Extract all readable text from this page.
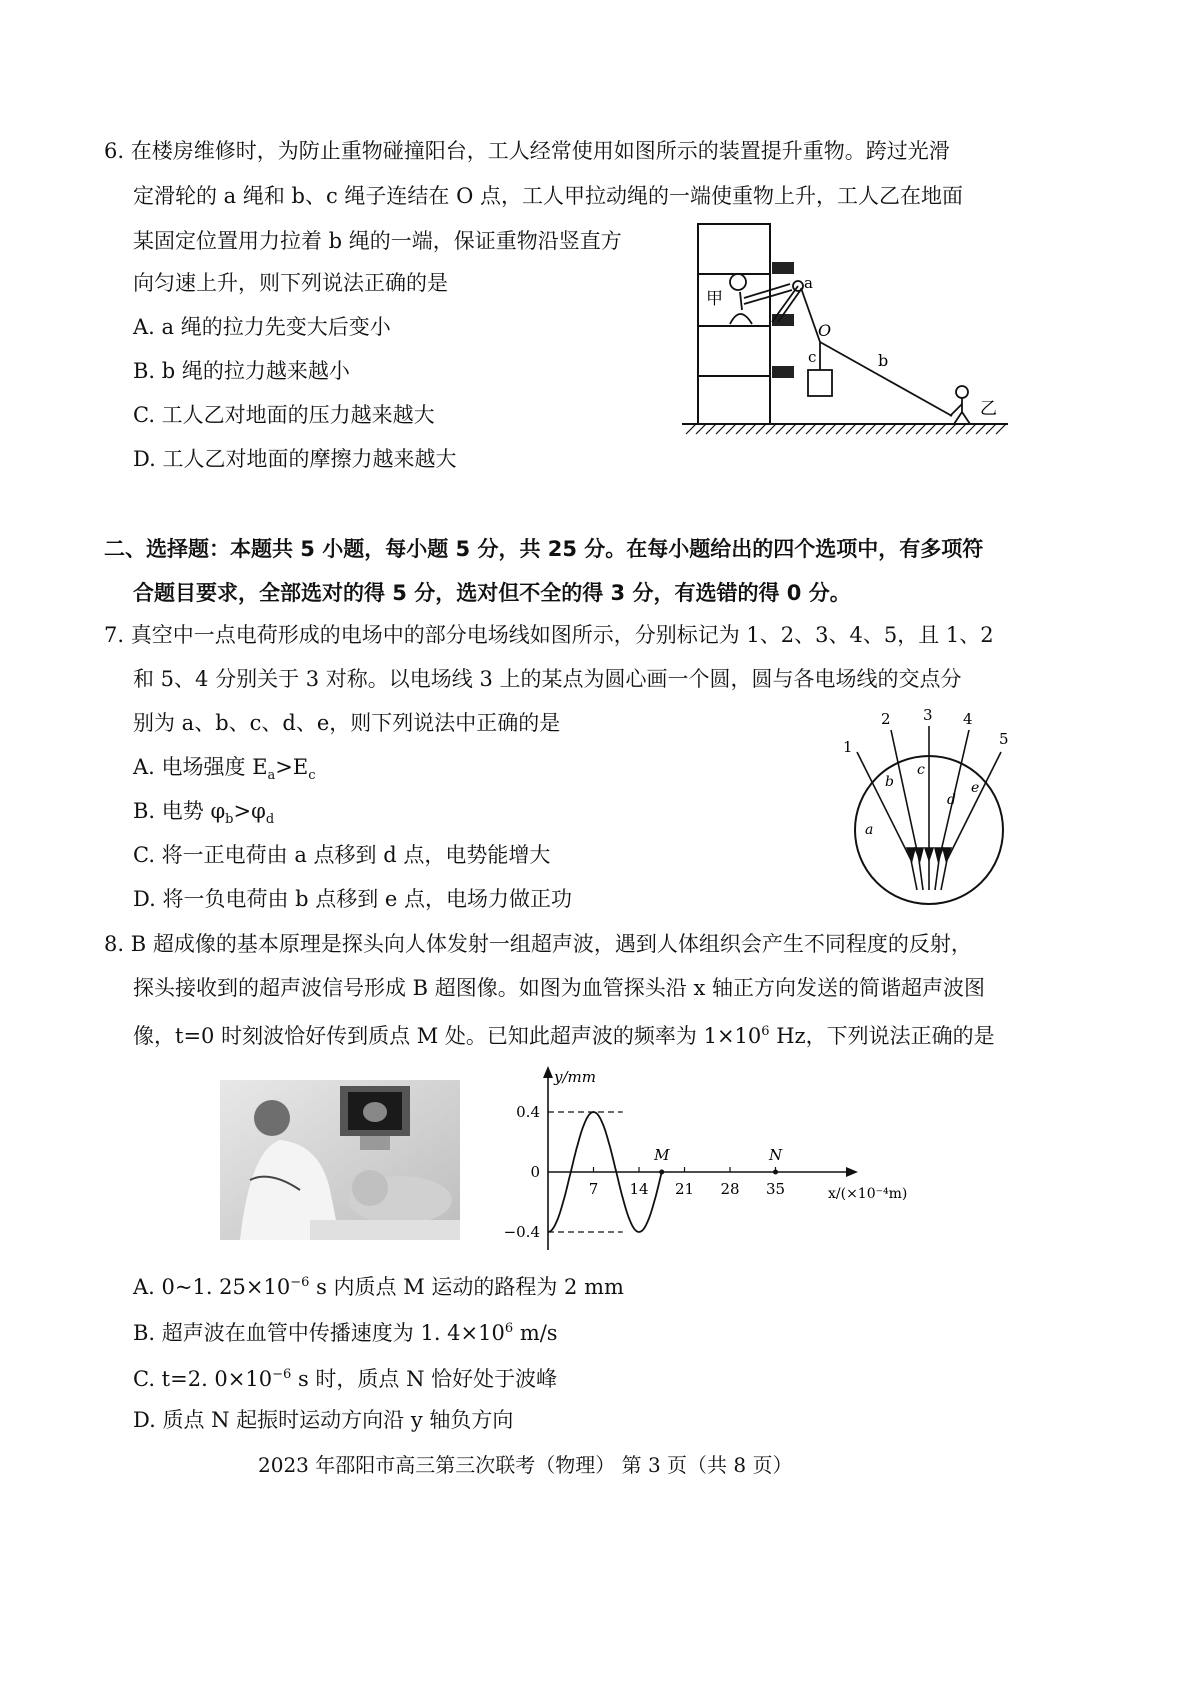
6. 在楼房维修时，为防止重物碰撞阳台，工人经常使用如图所示的装置提升重物。跨过光滑
定滑轮的 a 绳和 b、c 绳子连结在 O 点，工人甲拉动绳的一端使重物上升，工人乙在地面
某固定位置用力拉着 b 绳的一端，保证重物沿竖直方
向匀速上升，则下列说法正确的是
A. a 绳的拉力先变大后变小
B. b 绳的拉力越来越小
C. 工人乙对地面的压力越来越大
D. 工人乙对地面的摩擦力越来越大
甲
a
O
c	b
乙
二、选择题：本题共 5 小题，每小题 5 分，共 25 分。在每小题给出的四个选项中，有多项符
合题目要求，全部选对的得 5 分，选对但不全的得 3 分，有选错的得 0 分。
7. 真空中一点电荷形成的电场中的部分电场线如图所示，分别标记为 1、2、3、4、5，且 1、2
和 5、4 分别关于 3 对称。以电场线 3 上的某点为圆心画一个圆，圆与各电场线的交点分
别为 a、b、c、d、e，则下列说法中正确的是
A. 电场强度 $E_a>E_c$
B. 电势 $\varphi_b>\varphi_d$
C. 将一正电荷由 a 点移到 d 点，电势能增大
D. 将一负电荷由 b 点移到 e 点，电场力做正功
1
2 3 4
5
a
b
c
d
e
8. B 超成像的基本原理是探头向人体发射一组超声波，遇到人体组织会产生不同程度的反射，
探头接收到的超声波信号形成 B 超图像。如图为血管探头沿 x 轴正方向发送的简谐超声波图
像，t=0 时刻波恰好传到质点 M 处。已知此超声波的频率为 $1\times 10^6$ Hz，下列说法正确的是
y/mm
x/(×10⁻⁴m)
0.4
0
−0.4
7 14 21 28 35
M	N
A. 0~1. $25\times 10^{-6}$ s 内质点 M 运动的路程为 2 mm
B. 超声波在血管中传播速度为 1. $4\times 10^6$ m/s
C. t=2. $0\times 10^{-6}$ s 时，质点 N 恰好处于波峰
D. 质点 N 起振时运动方向沿 y 轴负方向
2023 年邵阳市高三第三次联考（物理） 第 3 页（共 8 页）
